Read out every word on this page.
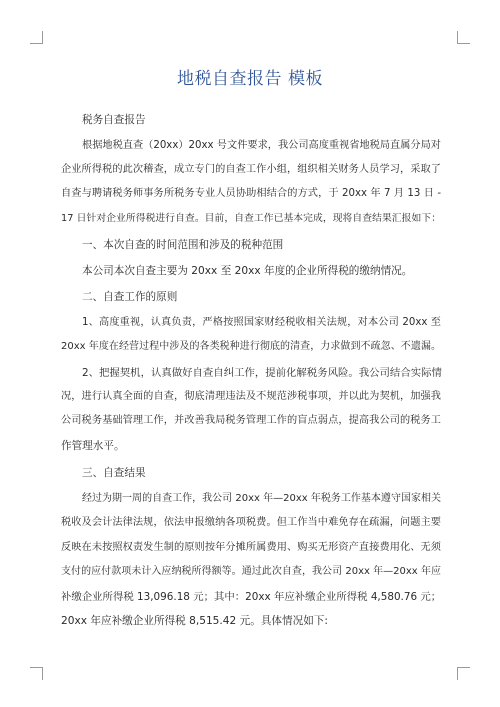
地税自查报告 模板
税务自查报告
根据地税直查（20xx）20xx 号文件要求，我公司高度重视省地税局直属分局对
企业所得税的此次稽查，成立专门的自查工作小组，组织相关财务人员学习，采取了
自查与聘请税务师事务所税务专业人员协助相结合的方式，于 20xx 年 7 月 13 日 -
17 日针对企业所得税进行自查。目前，自查工作已基本完成，现将自查结果汇报如下：
一、本次自查的时间范围和涉及的税种范围
本公司本次自查主要为 20xx 至 20xx 年度的企业所得税的缴纳情况。
二、自查工作的原则
1、高度重视，认真负责，严格按照国家财经税收相关法规，对本公司 20xx 至
20xx 年度在经营过程中涉及的各类税种进行彻底的清查，力求做到不疏忽、不遗漏。
2、把握契机，认真做好自查自纠工作，提前化解税务风险。我公司结合实际情
况，进行认真全面的自查，彻底清理违法及不规范涉税事项，并以此为契机，加强我
公司税务基础管理工作，并改善我局税务管理工作的盲点弱点，提高我公司的税务工
作管理水平。
三、自查结果
经过为期一周的自查工作，我公司 20xx 年—20xx 年税务工作基本遵守国家相关
税收及会计法律法规，依法申报缴纳各项税费。但工作当中难免存在疏漏，问题主要
反映在未按照权责发生制的原则按年分摊所属费用、购买无形资产直接费用化、无须
支付的应付款项未计入应纳税所得额等。通过此次自查，我公司 20xx 年—20xx 年应
补缴企业所得税 13,096.18 元；其中：20xx 年应补缴企业所得税 4,580.76 元；
20xx 年应补缴企业所得税 8,515.42 元。具体情况如下:
